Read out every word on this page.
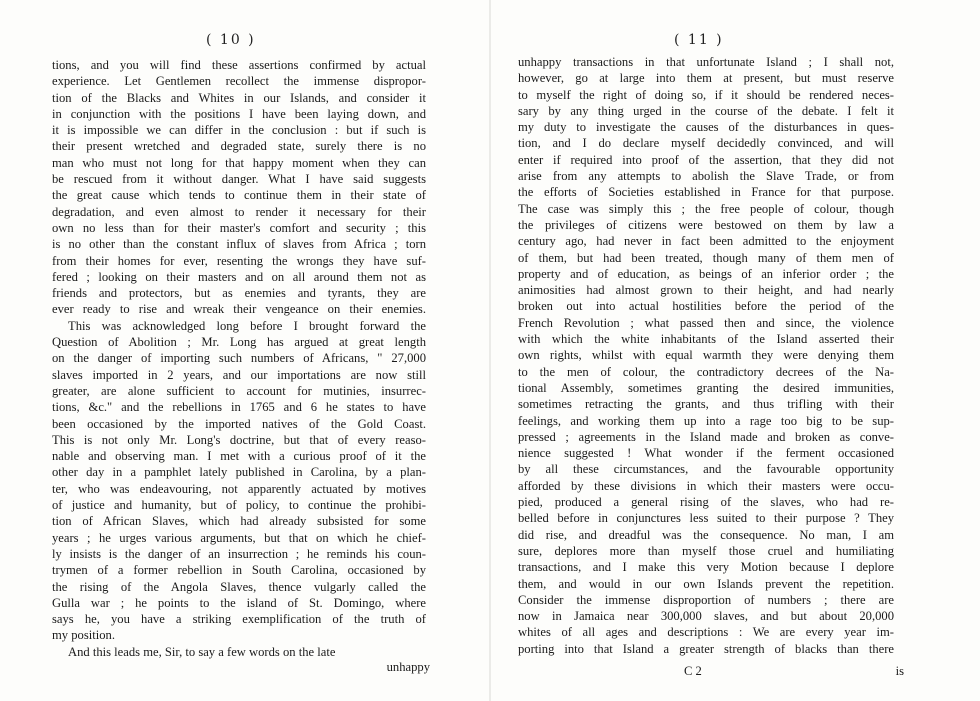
( 10 )
tions, and you will find these assertions confirmed by actual
experience. Let Gentlemen recollect the immense dispropor-
tion of the Blacks and Whites in our Islands, and consider it
in conjunction with the positions I have been laying down, and
it is impossible we can differ in the conclusion : but if such is
their present wretched and degraded state, surely there is no
man who must not long for that happy moment when they can
be rescued from it without danger. What I have said suggests
the great cause which tends to continue them in their state of
degradation, and even almost to render it necessary for their
own no less than for their master's comfort and security ; this
is no other than the constant influx of slaves from Africa ; torn
from their homes for ever, resenting the wrongs they have suf-
fered ; looking on their masters and on all around them not as
friends and protectors, but as enemies and tyrants, they are
ever ready to rise and wreak their vengeance on their enemies.
This was acknowledged long before I brought forward the
Question of Abolition ; Mr. Long has argued at great length
on the danger of importing such numbers of Africans, " 27,000
slaves imported in 2 years, and our importations are now still
greater, are alone sufficient to account for mutinies, insurrec-
tions, &c." and the rebellions in 1765 and 6 he states to have
been occasioned by the imported natives of the Gold Coast.
This is not only Mr. Long's doctrine, but that of every reaso-
nable and observing man. I met with a curious proof of it the
other day in a pamphlet lately published in Carolina, by a plan-
ter, who was endeavouring, not apparently actuated by motives
of justice and humanity, but of policy, to continue the prohibi-
tion of African Slaves, which had already subsisted for some
years ; he urges various arguments, but that on which he chief-
ly insists is the danger of an insurrection ; he reminds his coun-
trymen of a former rebellion in South Carolina, occasioned by
the rising of the Angola Slaves, thence vulgarly called the
Gulla war ; he points to the island of St. Domingo, where
says he, you have a striking exemplification of the truth of
my position.
And this leads me, Sir, to say a few words on the late
unhappy
( 11 )
unhappy transactions in that unfortunate Island ; I shall not,
however, go at large into them at present, but must reserve
to myself the right of doing so, if it should be rendered neces-
sary by any thing urged in the course of the debate. I felt it
my duty to investigate the causes of the disturbances in ques-
tion, and I do declare myself decidedly convinced, and will
enter if required into proof of the assertion, that they did not
arise from any attempts to abolish the Slave Trade, or from
the efforts of Societies established in France for that purpose.
The case was simply this ; the free people of colour, though
the privileges of citizens were bestowed on them by law a
century ago, had never in fact been admitted to the enjoyment
of them, but had been treated, though many of them men of
property and of education, as beings of an inferior order ; the
animosities had almost grown to their height, and had nearly
broken out into actual hostilities before the period of the
French Revolution ; what passed then and since, the violence
with which the white inhabitants of the Island asserted their
own rights, whilst with equal warmth they were denying them
to the men of colour, the contradictory decrees of the Na-
tional Assembly, sometimes granting the desired immunities,
sometimes retracting the grants, and thus trifling with their
feelings, and working them up into a rage too big to be sup-
pressed ; agreements in the Island made and broken as conve-
nience suggested ! What wonder if the ferment occasioned
by all these circumstances, and the favourable opportunity
afforded by these divisions in which their masters were occu-
pied, produced a general rising of the slaves, who had re-
belled before in conjunctures less suited to their purpose ? They
did rise, and dreadful was the consequence. No man, I am
sure, deplores more than myself those cruel and humiliating
transactions, and I make this very Motion because I deplore
them, and would in our own Islands prevent the repetition.
Consider the immense disproportion of numbers ; there are
now in Jamaica near 300,000 slaves, and but about 20,000
whites of all ages and descriptions : We are every year im-
porting into that Island a greater strength of blacks than there
C 2	is
